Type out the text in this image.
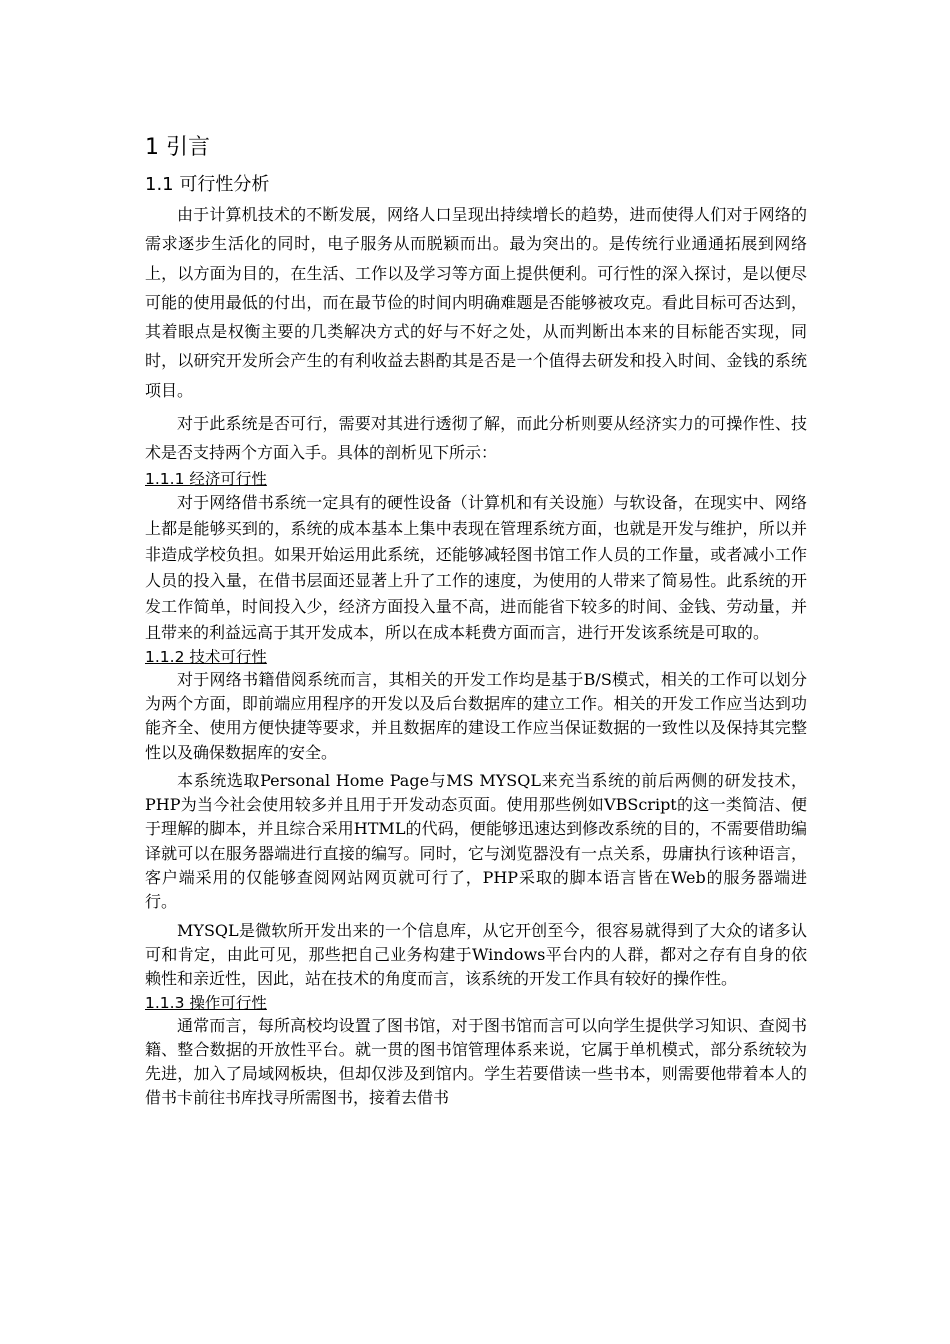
1 引言
1.1 可行性分析

由于计算机技术的不断发展，网络人口呈现出持续增长的趋势，进而使得人们对于网络的需求逐步生活化的同时，电子服务从而脱颖而出。最为突出的。是传统行业通通拓展到网络上，以方面为目的，在生活、工作以及学习等方面上提供便利。可行性的深入探讨，是以便尽可能的使用最低的付出，而在最节俭的时间内明确难题是否能够被攻克。看此目标可否达到，其着眼点是权衡主要的几类解决方式的好与不好之处，从而判断出本来的目标能否实现，同时，以研究开发所会产生的有利收益去斟酌其是否是一个值得去研发和投入时间、金钱的系统项目。

对于此系统是否可行，需要对其进行透彻了解，而此分析则要从经济实力的可操作性、技术是否支持两个方面入手。具体的剖析见下所示：

1.1.1 经济可行性

对于网络借书系统一定具有的硬性设备（计算机和有关设施）与软设备，在现实中、网络上都是能够买到的，系统的成本基本上集中表现在管理系统方面，也就是开发与维护，所以并非造成学校负担。如果开始运用此系统，还能够减轻图书馆工作人员的工作量，或者减小工作人员的投入量，在借书层面还显著上升了工作的速度，为使用的人带来了简易性。此系统的开发工作简单，时间投入少，经济方面投入量不高，进而能省下较多的时间、金钱、劳动量，并且带来的利益远高于其开发成本，所以在成本耗费方面而言，进行开发该系统是可取的。

1.1.2 技术可行性

对于网络书籍借阅系统而言，其相关的开发工作均是基于B/S模式，相关的工作可以划分为两个方面，即前端应用程序的开发以及后台数据库的建立工作。相关的开发工作应当达到功能齐全、使用方便快捷等要求，并且数据库的建设工作应当保证数据的一致性以及保持其完整性以及确保数据库的安全。

本系统选取Personal Home Page与MS MYSQL来充当系统的前后两侧的研发技术，PHP为当今社会使用较多并且用于开发动态页面。使用那些例如VBScript的这一类简洁、便于理解的脚本，并且综合采用HTML的代码，便能够迅速达到修改系统的目的，不需要借助编译就可以在服务器端进行直接的编写。同时，它与浏览器没有一点关系，毋庸执行该种语言，客户端采用的仅能够查阅网站网页就可行了，PHP采取的脚本语言皆在Web的服务器端进行。

MYSQL是微软所开发出来的一个信息库，从它开创至今，很容易就得到了大众的诸多认可和肯定，由此可见，那些把自己业务构建于Windows平台内的人群，都对之存有自身的依赖性和亲近性，因此，站在技术的角度而言，该系统的开发工作具有较好的操作性。

1.1.3 操作可行性

通常而言，每所高校均设置了图书馆，对于图书馆而言可以向学生提供学习知识、查阅书籍、整合数据的开放性平台。就一贯的图书馆管理体系来说，它属于单机模式，部分系统较为先进，加入了局域网板块，但却仅涉及到馆内。学生若要借读一些书本，则需要他带着本人的借书卡前往书库找寻所需图书，接着去借书
